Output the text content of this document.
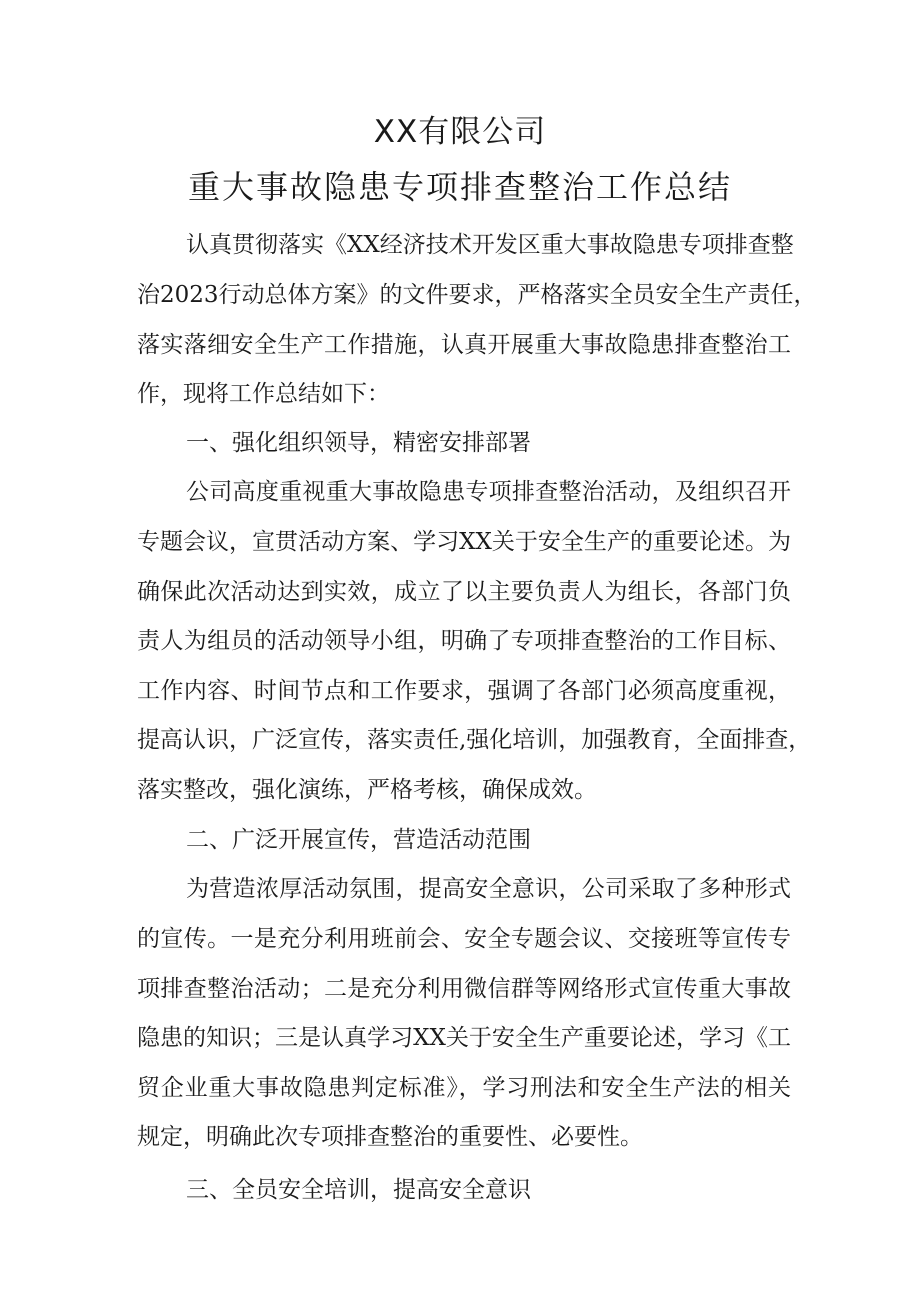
XX有限公司
重大事故隐患专项排查整治工作总结

认真贯彻落实《XX经济技术开发区重大事故隐患专项排查整

治2023行动总体方案》的文件要求，严格落实全员安全生产责任，

落实落细安全生产工作措施，认真开展重大事故隐患排查整治工

作，现将工作总结如下：

一、强化组织领导，精密安排部署

公司高度重视重大事故隐患专项排查整治活动，及组织召开

专题会议，宣贯活动方案、学习XX关于安全生产的重要论述。为

确保此次活动达到实效，成立了以主要负责人为组长，各部门负

责人为组员的活动领导小组，明确了专项排查整治的工作目标、

工作内容、时间节点和工作要求，强调了各部门必须高度重视，

提高认识，广泛宣传，落实责任,强化培训，加强教育，全面排查，

落实整改，强化演练，严格考核，确保成效。

二、广泛开展宣传，营造活动范围

为营造浓厚活动氛围，提高安全意识，公司采取了多种形式

的宣传。一是充分利用班前会、安全专题会议、交接班等宣传专

项排查整治活动；二是充分利用微信群等网络形式宣传重大事故

隐患的知识；三是认真学习XX关于安全生产重要论述，学习《工

贸企业重大事故隐患判定标准》，学习刑法和安全生产法的相关

规定，明确此次专项排查整治的重要性、必要性。

三、全员安全培训，提高安全意识
